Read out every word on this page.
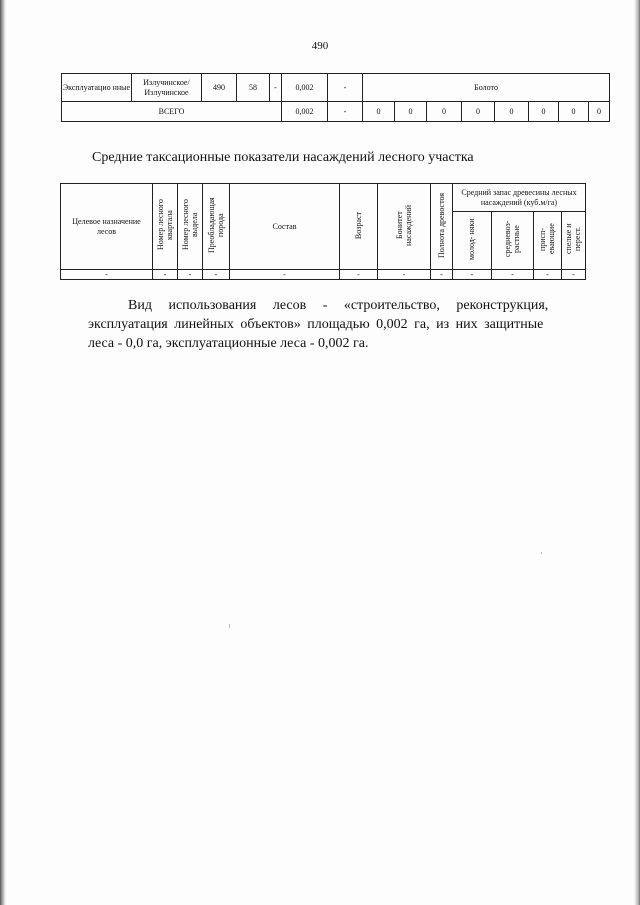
490
Эксплуатацио нные	Излучинское/ Излучинское	490	58	-	0,002	-	Болото							
ВСЕГО					0,002	-	0	0	0	0	0	0	0	0
Средние таксационные показатели насаждений лесного участка
Целевое назначение лесов	Номер лесного квартала	Номер лесного выдела	Преобладающая порода	Состав	Возраст	Бонитет насаждений	Полнота древостоя	Средний запас древесины лесных насаждений (куб.м/га)			
								молод- няки	средневоз- растные	присп- евающие	спелые и перест.
-	-	-	-	-	-	-	-	-	-	-	-

Вид использования лесов - «строительство, реконструкция,

эксплуатация линейных объектов» площадью 0,002 га, из них защитные

леса - 0,0 га, эксплуатационные леса - 0,002 га.
